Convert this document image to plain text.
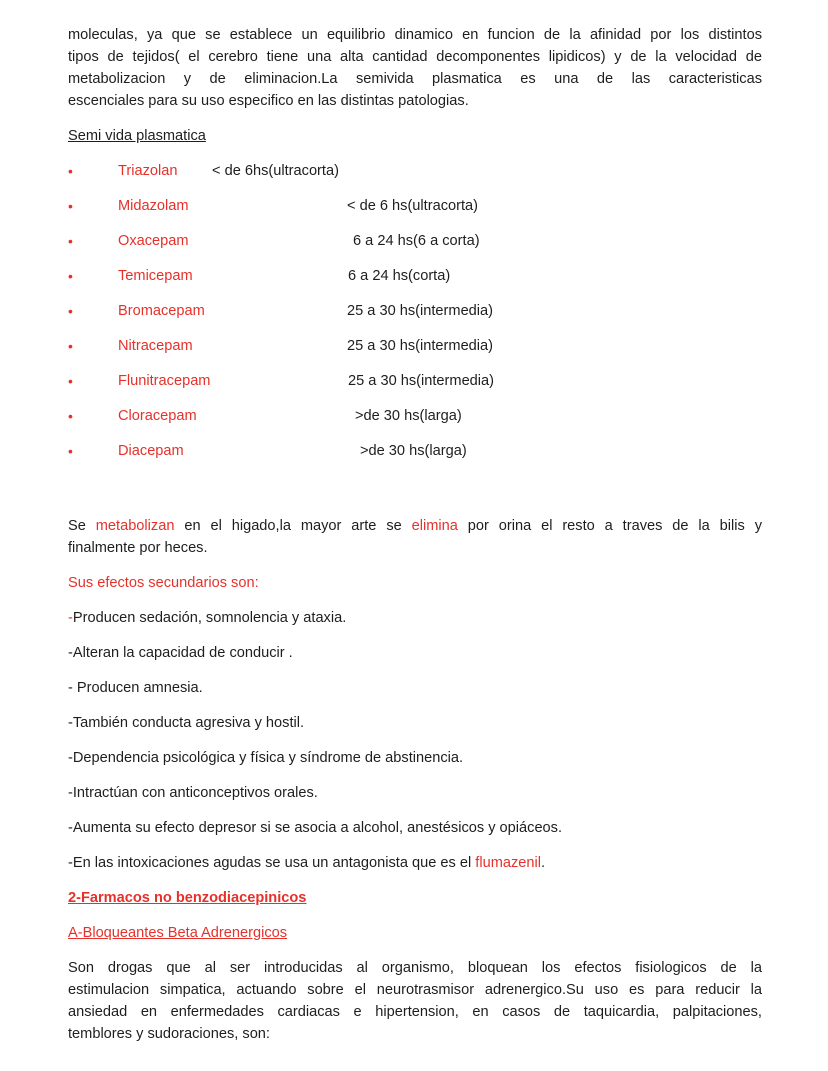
moleculas, ya que se establece un equilibrio dinamico en funcion de la afinidad por los distintos
tipos de tejidos( el cerebro tiene una alta cantidad decomponentes lipidicos) y de la velocidad de
metabolizacion y de eliminacion.La semivida plasmatica es una de las caracteristicas
escenciales para su uso especifico en las distintas patologias.
Semi vida plasmatica
•	Triazolan < de 6hs(ultracorta)
•	Midazolam	< de 6 hs(ultracorta)
•	Oxacepam	6 a 24 hs(6 a corta)
•	Temicepam	6 a 24 hs(corta)
•	Bromacepam	25 a 30 hs(intermedia)
•	Nitracepam	25 a 30 hs(intermedia)
•	Flunitracepam	25 a 30 hs(intermedia)
•	Cloracepam	>de 30 hs(larga)
•	Diacepam	>de 30 hs(larga)
Se metabolizan en el higado,la mayor arte se elimina por orina el resto a traves de la bilis y
finalmente por heces.
Sus efectos secundarios son:

-Producen sedación, somnolencia y ataxia.

-Alteran la capacidad de conducir .

- Producen amnesia.

-También conducta agresiva y hostil.

-Dependencia psicológica y física y síndrome de abstinencia.

-Intractúan con anticonceptivos orales.

-Aumenta su efecto depresor si se asocia a alcohol, anestésicos y opiáceos.

-En las intoxicaciones agudas se usa un antagonista que es el flumazenil.

2-Farmacos no benzodiacepinicos
A-Bloqueantes Beta Adrenergicos
Son drogas que al ser introducidas al organismo, bloquean los efectos fisiologicos de la
estimulacion simpatica, actuando sobre el neurotrasmisor adrenergico.Su uso es para reducir la
ansiedad en enfermedades cardiacas e hipertension, en casos de taquicardia, palpitaciones,
temblores y sudoraciones, son:
